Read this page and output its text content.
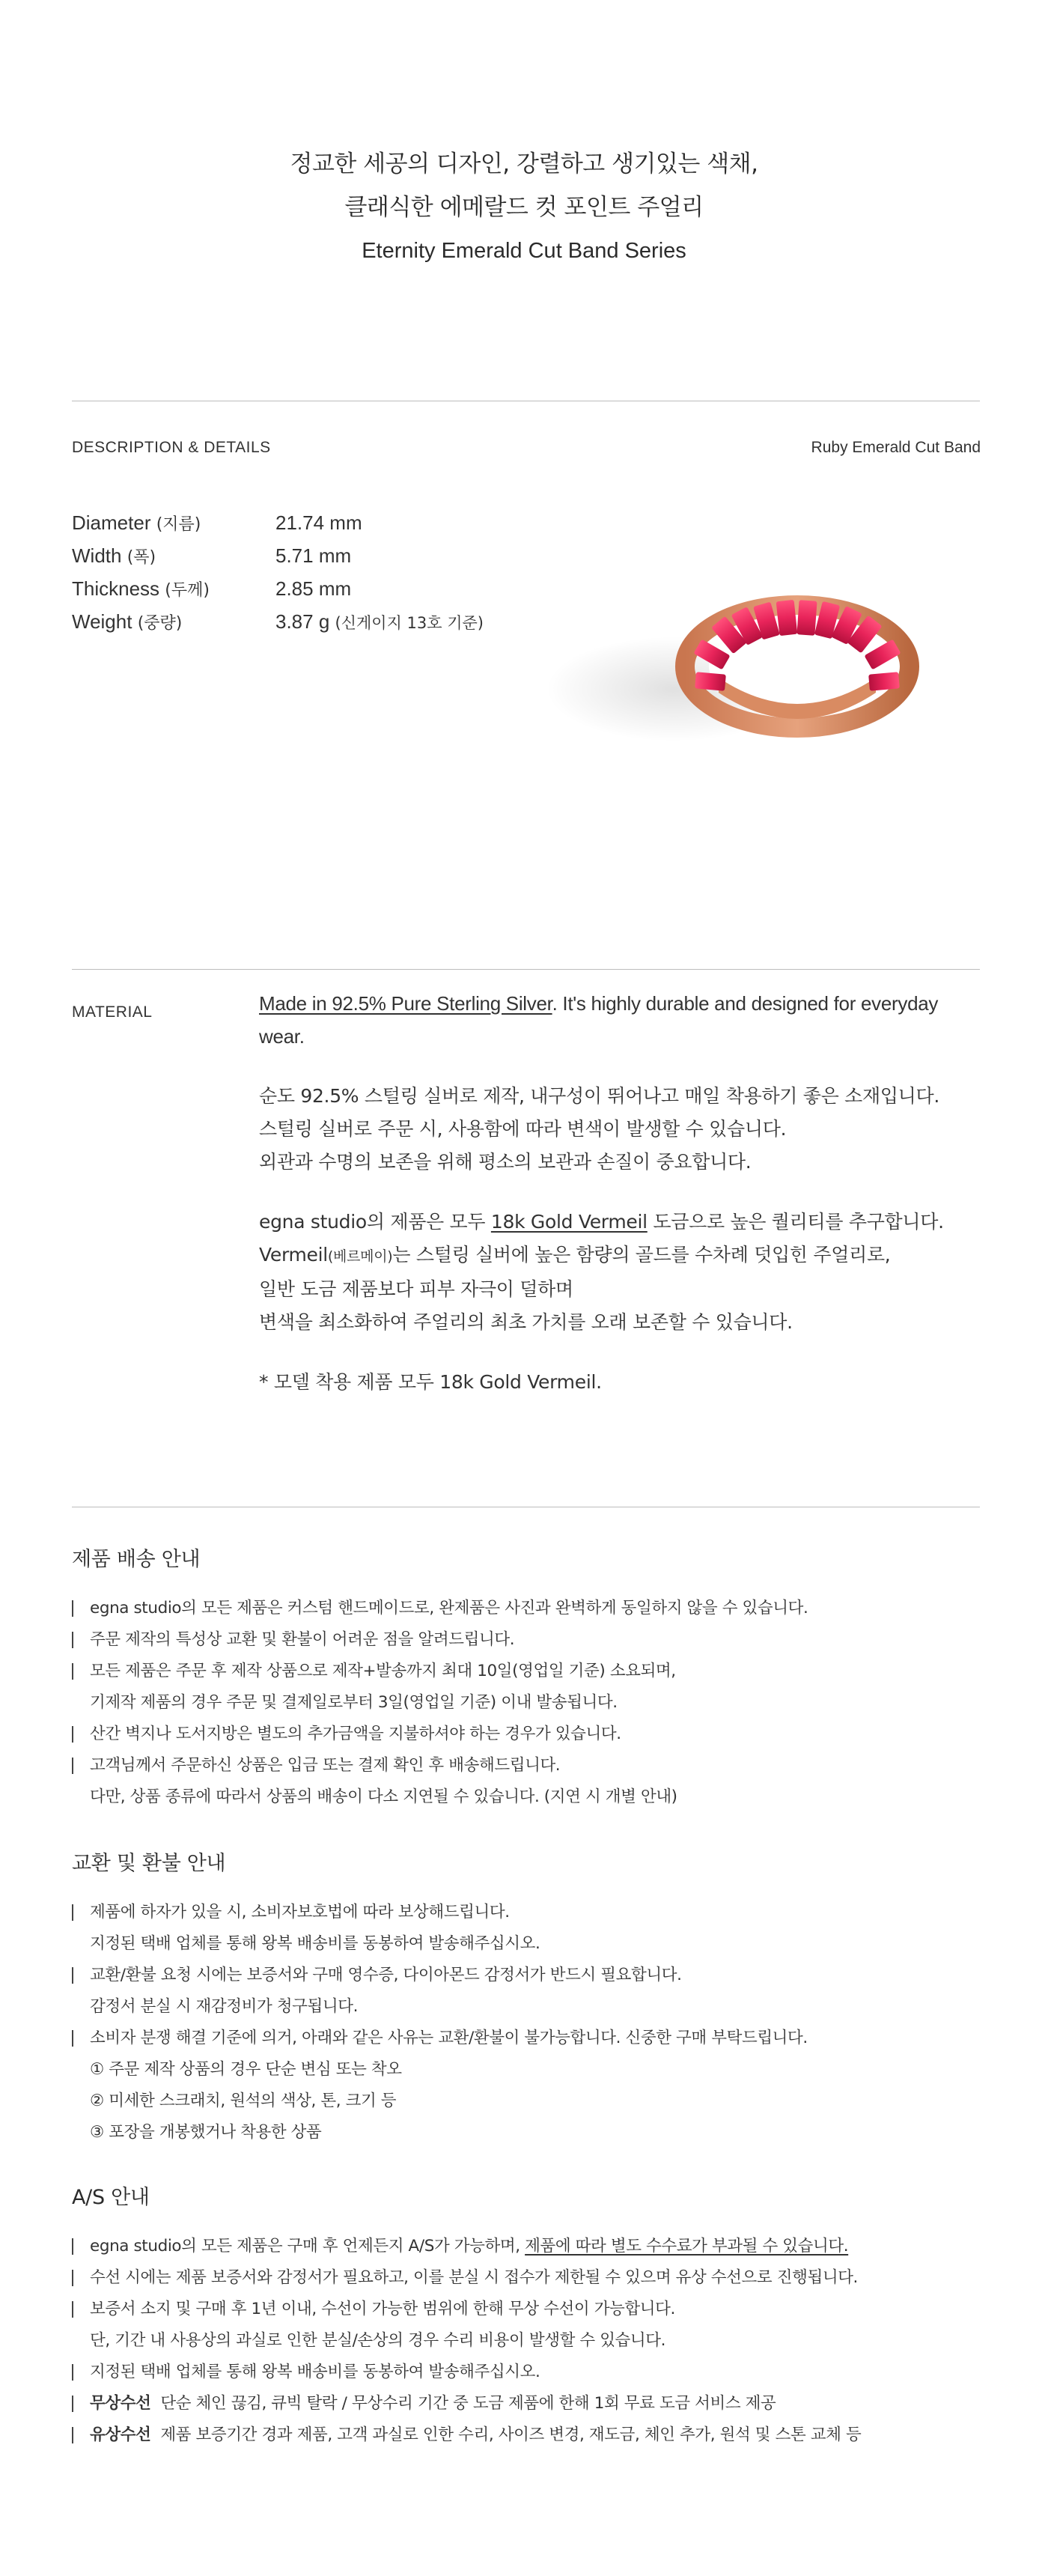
정교한 세공의 디자인, 강렬하고 생기있는 색채,
클래식한 에메랄드 컷 포인트 주얼리
Eternity Emerald Cut Band Series
DESCRIPTION & DETAILS	Ruby Emerald Cut Band
Diameter (지름)	21.74 mm
Width (폭)	5.71 mm
Thickness (두께)	2.85 mm
Weight (중량)	3.87 g (신게이지 13호 기준)
MATERIAL	Made in 92.5% Pure Sterling Silver. It's highly durable and designed for everyday wear.

순도 92.5% 스털링 실버로 제작, 내구성이 뛰어나고 매일 착용하기 좋은 소재입니다.

스털링 실버로 주문 시, 사용함에 따라 변색이 발생할 수 있습니다.

외관과 수명의 보존을 위해 평소의 보관과 손질이 중요합니다.

egna studio의 제품은 모두 18k Gold Vermeil 도금으로 높은 퀄리티를 추구합니다.

Vermeil(베르메이)는 스털링 실버에 높은 함량의 골드를 수차례 덧입힌 주얼리로,

일반 도금 제품보다 피부 자극이 덜하며

변색을 최소화하여 주얼리의 최초 가치를 오래 보존할 수 있습니다.

* 모델 착용 제품 모두 18k Gold Vermeil.

제품 배송 안내
egna studio의 모든 제품은 커스텀 핸드메이드로, 완제품은 사진과 완벽하게 동일하지 않을 수 있습니다.
주문 제작의 특성상 교환 및 환불이 어려운 점을 알려드립니다.
모든 제품은 주문 후 제작 상품으로 제작+발송까지 최대 10일(영업일 기준) 소요되며,
기제작 제품의 경우 주문 및 결제일로부터 3일(영업일 기준) 이내 발송됩니다.
산간 벽지나 도서지방은 별도의 추가금액을 지불하셔야 하는 경우가 있습니다.
고객님께서 주문하신 상품은 입금 또는 결제 확인 후 배송해드립니다.
다만, 상품 종류에 따라서 상품의 배송이 다소 지연될 수 있습니다. (지연 시 개별 안내)
교환 및 환불 안내
제품에 하자가 있을 시, 소비자보호법에 따라 보상해드립니다.
지정된 택배 업체를 통해 왕복 배송비를 동봉하여 발송해주십시오.
교환/환불 요청 시에는 보증서와 구매 영수증, 다이아몬드 감정서가 반드시 필요합니다.
감정서 분실 시 재감정비가 청구됩니다.
소비자 분쟁 해결 기준에 의거, 아래와 같은 사유는 교환/환불이 불가능합니다. 신중한 구매 부탁드립니다.
① 주문 제작 상품의 경우 단순 변심 또는 착오
② 미세한 스크래치, 원석의 색상, 톤, 크기 등
③ 포장을 개봉했거나 착용한 상품
A/S 안내
egna studio의 모든 제품은 구매 후 언제든지 A/S가 가능하며, 제품에 따라 별도 수수료가 부과될 수 있습니다.
수선 시에는 제품 보증서와 감정서가 필요하고, 이를 분실 시 접수가 제한될 수 있으며 유상 수선으로 진행됩니다.
보증서 소지 및 구매 후 1년 이내, 수선이 가능한 범위에 한해 무상 수선이 가능합니다.
단, 기간 내 사용상의 과실로 인한 분실/손상의 경우 수리 비용이 발생할 수 있습니다.
지정된 택배 업체를 통해 왕복 배송비를 동봉하여 발송해주십시오.
무상수선 단순 체인 끊김, 큐빅 탈락 / 무상수리 기간 중 도금 제품에 한해 1회 무료 도금 서비스 제공
유상수선 제품 보증기간 경과 제품, 고객 과실로 인한 수리, 사이즈 변경, 재도금, 체인 추가, 원석 및 스톤 교체 등
